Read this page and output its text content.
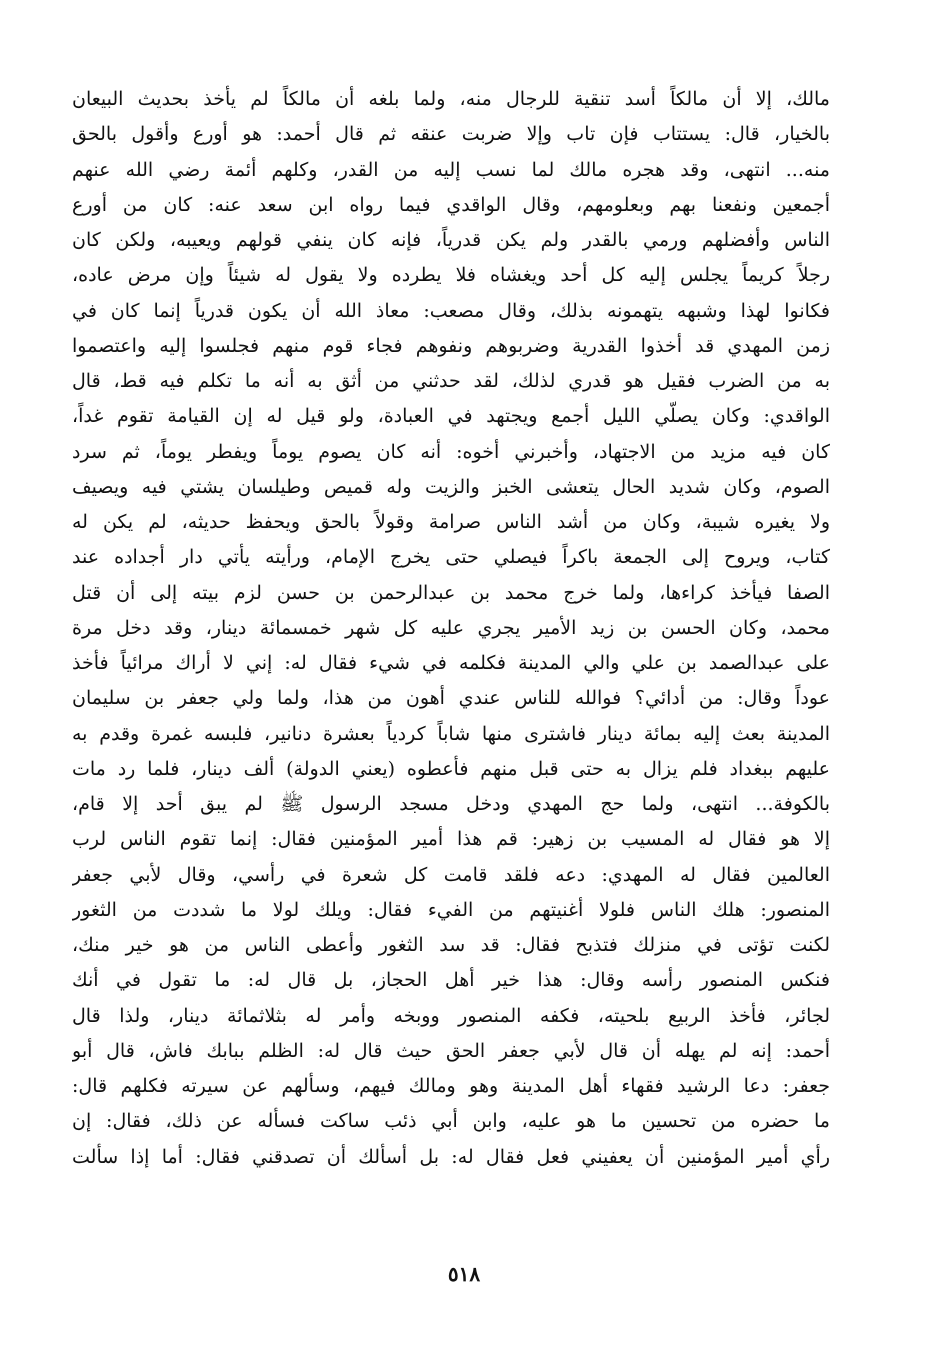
مالك، إلا أن مالكاً أسد تنقية للرجال منه، ولما بلغه أن مالكاً لم يأخذ بحديث البيعان
بالخيار، قال: يستتاب فإن تاب وإلا ضربت عنقه ثم قال أحمد: هو أورع وأقول بالحق
منه... انتهى، وقد هجره مالك لما نسب إليه من القدر، وكلهم أئمة رضي الله عنهم
أجمعين ونفعنا بهم وبعلومهم، وقال الواقدي فيما رواه ابن سعد عنه: كان من أورع
الناس وأفضلهم ورمي بالقدر ولم يكن قدرياً، فإنه كان ينفي قولهم ويعيبه، ولكن كان
رجلاً كريماً يجلس إليه كل أحد ويغشاه فلا يطرده ولا يقول له شيئاً وإن مرض عاده،
فكانوا لهذا وشبهه يتهمونه بذلك، وقال مصعب: معاذ الله أن يكون قدرياً إنما كان في
زمن المهدي قد أخذوا القدرية وضربوهم ونفوهم فجاء قوم منهم فجلسوا إليه واعتصموا
به من الضرب فقيل هو قدري لذلك، لقد حدثني من أثق به أنه ما تكلم فيه قط، قال
الواقدي: وكان يصلّي الليل أجمع ويجتهد في العبادة، ولو قيل له إن القيامة تقوم غداً،
كان فيه مزيد من الاجتهاد، وأخبرني أخوه: أنه كان يصوم يوماً ويفطر يوماً، ثم سرد
الصوم، وكان شديد الحال يتعشى الخبز والزيت وله قميص وطيلسان يشتي فيه ويصيف
ولا يغيره شيبة، وكان من أشد الناس صرامة وقولاً بالحق ويحفظ حديثه، لم يكن له
كتاب، ويروح إلى الجمعة باكراً فيصلي حتى يخرج الإمام، ورأيته يأتي دار أجداده عند
الصفا فيأخذ كراءها، ولما خرج محمد بن عبدالرحمن بن حسن لزم بيته إلى أن قتل
محمد، وكان الحسن بن زيد الأمير يجري عليه كل شهر خمسمائة دينار، وقد دخل مرة
على عبدالصمد بن علي والي المدينة فكلمه في شيء فقال له: إني لا أراك مرائياً فأخذ
عوداً وقال: من أدائي؟ فوالله للناس عندي أهون من هذا، ولما ولي جعفر بن سليمان
المدينة بعث إليه بمائة دينار فاشترى منها شاباً كردياً بعشرة دنانير، فلبسه غمرة وقدم به
عليهم ببغداد فلم يزال به حتى قبل منهم فأعطوه (يعني الدولة) ألف دينار، فلما رد مات
بالكوفة... انتهى، ولما حج المهدي ودخل مسجد الرسول ﷺ لم يبق أحد إلا قام،
إلا هو فقال له المسيب بن زهير: قم هذا أمير المؤمنين فقال: إنما تقوم الناس لرب
العالمين فقال له المهدي: دعه فلقد قامت كل شعرة في رأسي، وقال لأبي جعفر
المنصور: هلك الناس فلولا أغنيتهم من الفيء فقال: ويلك لولا ما شددت من الثغور
لكنت تؤتى في منزلك فتذبح فقال: قد سد الثغور وأعطى الناس من هو خير منك،
فنكس المنصور رأسه وقال: هذا خير أهل الحجاز، بل قال له: ما تقول في أنك
لجائر، فأخذ الربيع بلحيته، فكفه المنصور ووبخه وأمر له بثلاثمائة دينار، ولذا قال
أحمد: إنه لم يهله أن قال لأبي جعفر الحق حيث قال له: الظلم ببابك فاش، قال أبو
جعفر: دعا الرشيد فقهاء أهل المدينة وهو ومالك فيهم، وسألهم عن سيرته فكلهم قال:
ما حضره من تحسين ما هو عليه، وابن أبي ذئب ساكت فسأله عن ذلك، فقال: إن
رأي أمير المؤمنين أن يعفيني فعل فقال له: بل أسألك أن تصدقني فقال: أما إذا سألت
٥١٨
